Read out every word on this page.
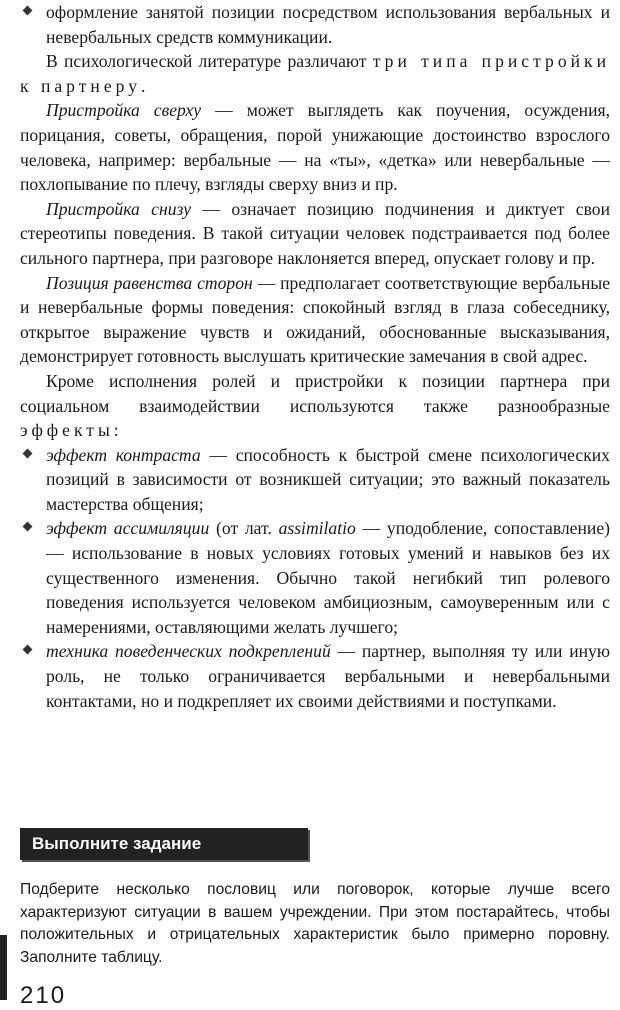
оформление занятой позиции посредством использования вербальных и невербальных средств коммуникации.

В психологической литературе различают три типа пристройки к партнеру.

Пристройка сверху — может выглядеть как поучения, осуждения, порицания, советы, обращения, порой унижающие достоинство взрослого человека, например: вербальные — на «ты», «детка» или невербальные — похлопывание по плечу, взгляды сверху вниз и пр.

Пристройка снизу — означает позицию подчинения и диктует свои стереотипы поведения. В такой ситуации человек подстраивается под более сильного партнера, при разговоре наклоняется вперед, опускает голову и пр.

Позиция равенства сторон — предполагает соответствующие вербальные и невербальные формы поведения: спокойный взгляд в глаза собеседнику, открытое выражение чувств и ожиданий, обоснованные высказывания, демонстрирует готовность выслушать критические замечания в свой адрес.

Кроме исполнения ролей и пристройки к позиции партнера при социальном взаимодействии используются также разнообразные эффекты:

эффект контраста — способность к быстрой смене психологических позиций в зависимости от возникшей ситуации; это важный показатель мастерства общения;

эффект ассимиляции (от лат. assimilatio — уподобление, сопоставление) — использование в новых условиях готовых умений и навыков без их существенного изменения. Обычно такой негибкий тип ролевого поведения используется человеком амбициозным, самоуверенным или с намерениями, оставляющими желать лучшего;

техника поведенческих подкреплений — партнер, выполняя ту или иную роль, не только ограничивается вербальными и невербальными контактами, но и подкрепляет их своими действиями и поступками.

Выполните задание
Подберите несколько пословиц или поговорок, которые лучше всего характеризуют ситуации в вашем учреждении. При этом постарайтесь, чтобы положительных и отрицательных характеристик было примерно поровну. Заполните таблицу.
210
